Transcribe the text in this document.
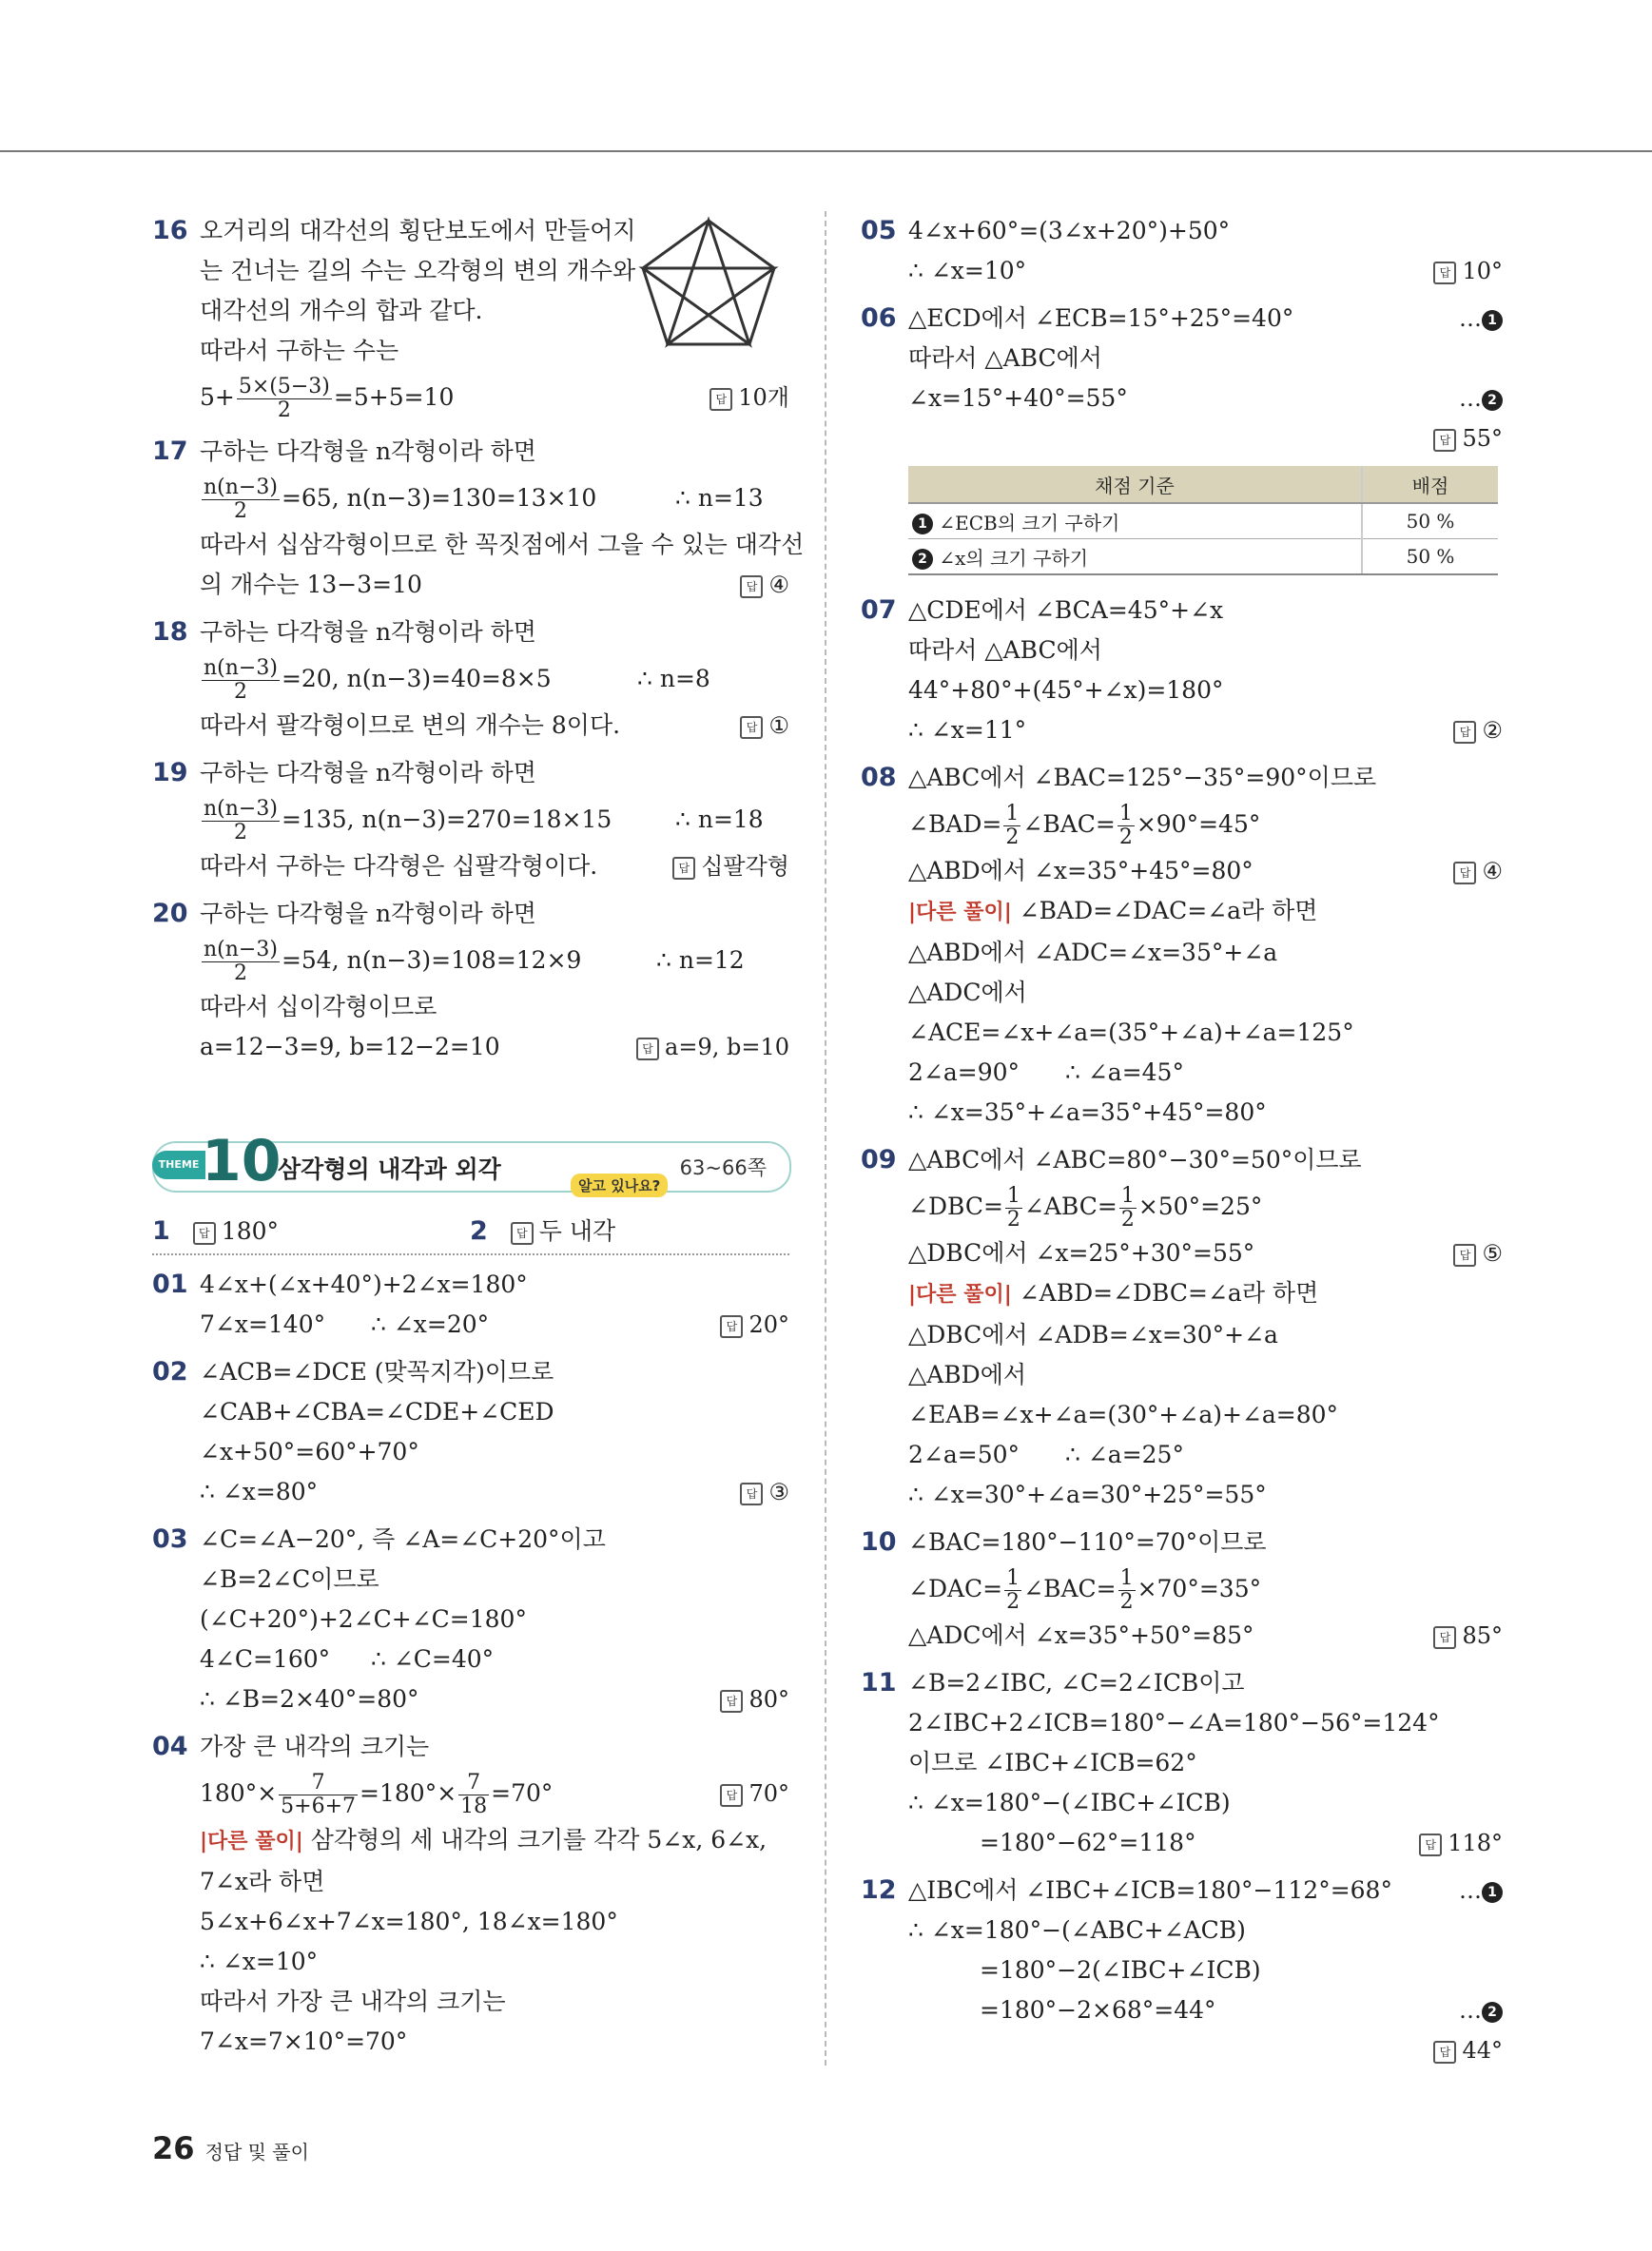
16 오거리의 대각선의 횡단보도에서 만들어지
는 건너는 길의 수는 오각형의 변의 개수와
대각선의 개수의 합과 같다.
따라서 구하는 수는
$5+ \frac{5\times(5-3)}{2} =5+5=10$	답 10개
17 구하는 다각형을 n각형이라 하면
$\frac{n(n-3)}{2} =65$, n(n−3)=130=13×10	∴ n=13
따라서 십삼각형이므로 한 꼭짓점에서 그을 수 있는 대각선
의 개수는 13−3=10	답 ④
18 구하는 다각형을 n각형이라 하면
$\frac{n(n-3)}{2} =20$, n(n−3)=40=8×5	∴ n=8
따라서 팔각형이므로 변의 개수는 8이다.	답 ①
19 구하는 다각형을 n각형이라 하면
$\frac{n(n-3)}{2} =135$, n(n−3)=270=18×15	∴ n=18
따라서 구하는 다각형은 십팔각형이다.	답 십팔각형
20 구하는 다각형을 n각형이라 하면
$\frac{n(n-3)}{2} =54$, n(n−3)=108=12×9	∴ n=12
따라서 십이각형이므로
a=12−3=9, b=12−2=10	답 a=9, b=10
THEME 10
삼각형의 내각과 외각
알고 있나요?
63~66쪽
1	답 180°	2	답 두 내각
01 4∠x+(∠x+40°)+2∠x=180°
7∠x=140° ∴ ∠x=20°	답 20°
02 ∠ACB=∠DCE (맞꼭지각)이므로
∠CAB+∠CBA=∠CDE+∠CED
∠x+50°=60°+70°
∴ ∠x=80°	답 ③
03 ∠C=∠A−20°, 즉 ∠A=∠C+20°이고
∠B=2∠C이므로
(∠C+20°)+2∠C+∠C=180°
4∠C=160° ∴ ∠C=40°
∴ ∠B=2×40°=80°	답 80°
04 가장 큰 내각의 크기는
$180^\circ\times \frac{7}{5+6+7} =180^\circ\times \frac{7}{18} =70^\circ$	답 70°
|다른 풀이| 삼각형의 세 내각의 크기를 각각 5∠x, 6∠x,
7∠x라 하면
5∠x+6∠x+7∠x=180°, 18∠x=180°
∴ ∠x=10°
따라서 가장 큰 내각의 크기는
7∠x=7×10°=70°
05 4∠x+60°=(3∠x+20°)+50°
∴ ∠x=10°	답 10°
06 △ECD에서 ∠ECB=15°+25°=40°	… 1
따라서 △ABC에서
∠x=15°+40°=55°	… 2
답 55°

채점 기준	배점
1 ∠ECB의 크기 구하기	50 %
2 ∠x의 크기 구하기	50 %
07 △CDE에서 ∠BCA=45°+∠x
따라서 △ABC에서
44°+80°+(45°+∠x)=180°
∴ ∠x=11°	답 ②
08 △ABC에서 ∠BAC=125°−35°=90°이므로
∠BAD= $\frac{1}{2}$ ∠BAC= $\frac{1}{2} \times 90^\circ=45^\circ$
△ABD에서 ∠x=35°+45°=80°	답 ④
|다른 풀이| ∠BAD=∠DAC=∠a라 하면
△ABD에서 ∠ADC=∠x=35°+∠a
△ADC에서
∠ACE=∠x+∠a=(35°+∠a)+∠a=125°
2∠a=90° ∴ ∠a=45°
∴ ∠x=35°+∠a=35°+45°=80°
09 △ABC에서 ∠ABC=80°−30°=50°이므로
∠DBC= $\frac{1}{2}$ ∠ABC= $\frac{1}{2} \times 50^\circ=25^\circ$
△DBC에서 ∠x=25°+30°=55°	답 ⑤
|다른 풀이| ∠ABD=∠DBC=∠a라 하면
△DBC에서 ∠ADB=∠x=30°+∠a
△ABD에서
∠EAB=∠x+∠a=(30°+∠a)+∠a=80°
2∠a=50° ∴ ∠a=25°
∴ ∠x=30°+∠a=30°+25°=55°
10 ∠BAC=180°−110°=70°이므로
∠DAC= $\frac{1}{2}$ ∠BAC= $\frac{1}{2} \times 70^\circ=35^\circ$
△ADC에서 ∠x=35°+50°=85°	답 85°
11 ∠B=2∠IBC, ∠C=2∠ICB이고
2∠IBC+2∠ICB=180°−∠A=180°−56°=124°
이므로 ∠IBC+∠ICB=62°
∴ ∠x=180°−(∠IBC+∠ICB)
=180°−62°=118°	답 118°
12 △IBC에서 ∠IBC+∠ICB=180°−112°=68°	… 1
∴ ∠x=180°−(∠ABC+∠ACB)
=180°−2(∠IBC+∠ICB)
=180°−2×68°=44°	… 2
답 44°

26 정답 및 풀이
